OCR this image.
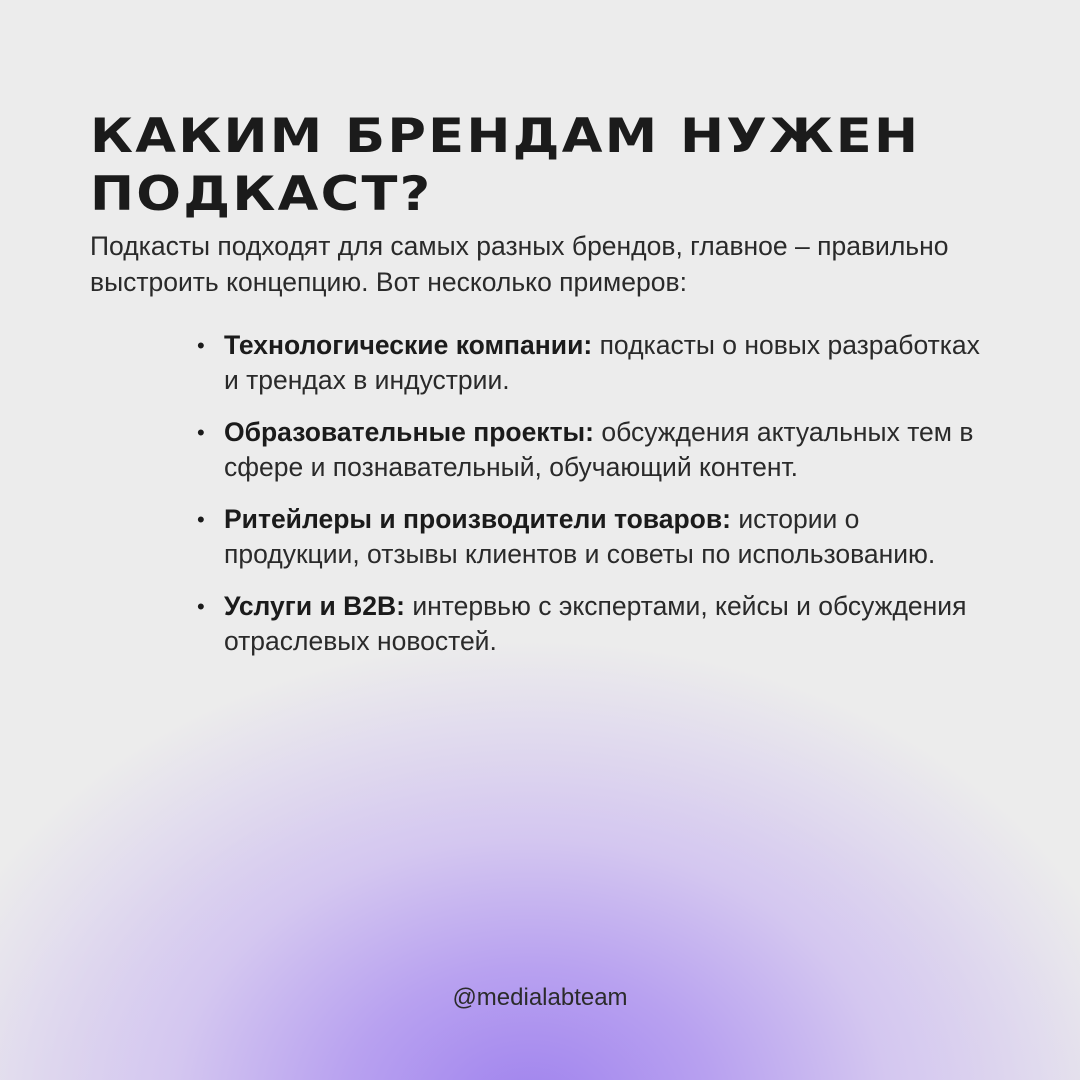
КАКИМ БРЕНДАМ НУЖЕН ПОДКАСТ?

Подкасты подходят для самых разных брендов, главное – правильно выстроить концепцию. Вот несколько примеров:

• Технологические компании: подкасты о новых разработках и трендах в индустрии.
• Образовательные проекты: обсуждения актуальных тем в сфере и познавательный, обучающий контент.
• Ритейлеры и производители товаров: истории о продукции, отзывы клиентов и советы по использованию.
• Услуги и B2B: интервью с экспертами, кейсы и обсуждения отраслевых новостей.
@medialabteam
